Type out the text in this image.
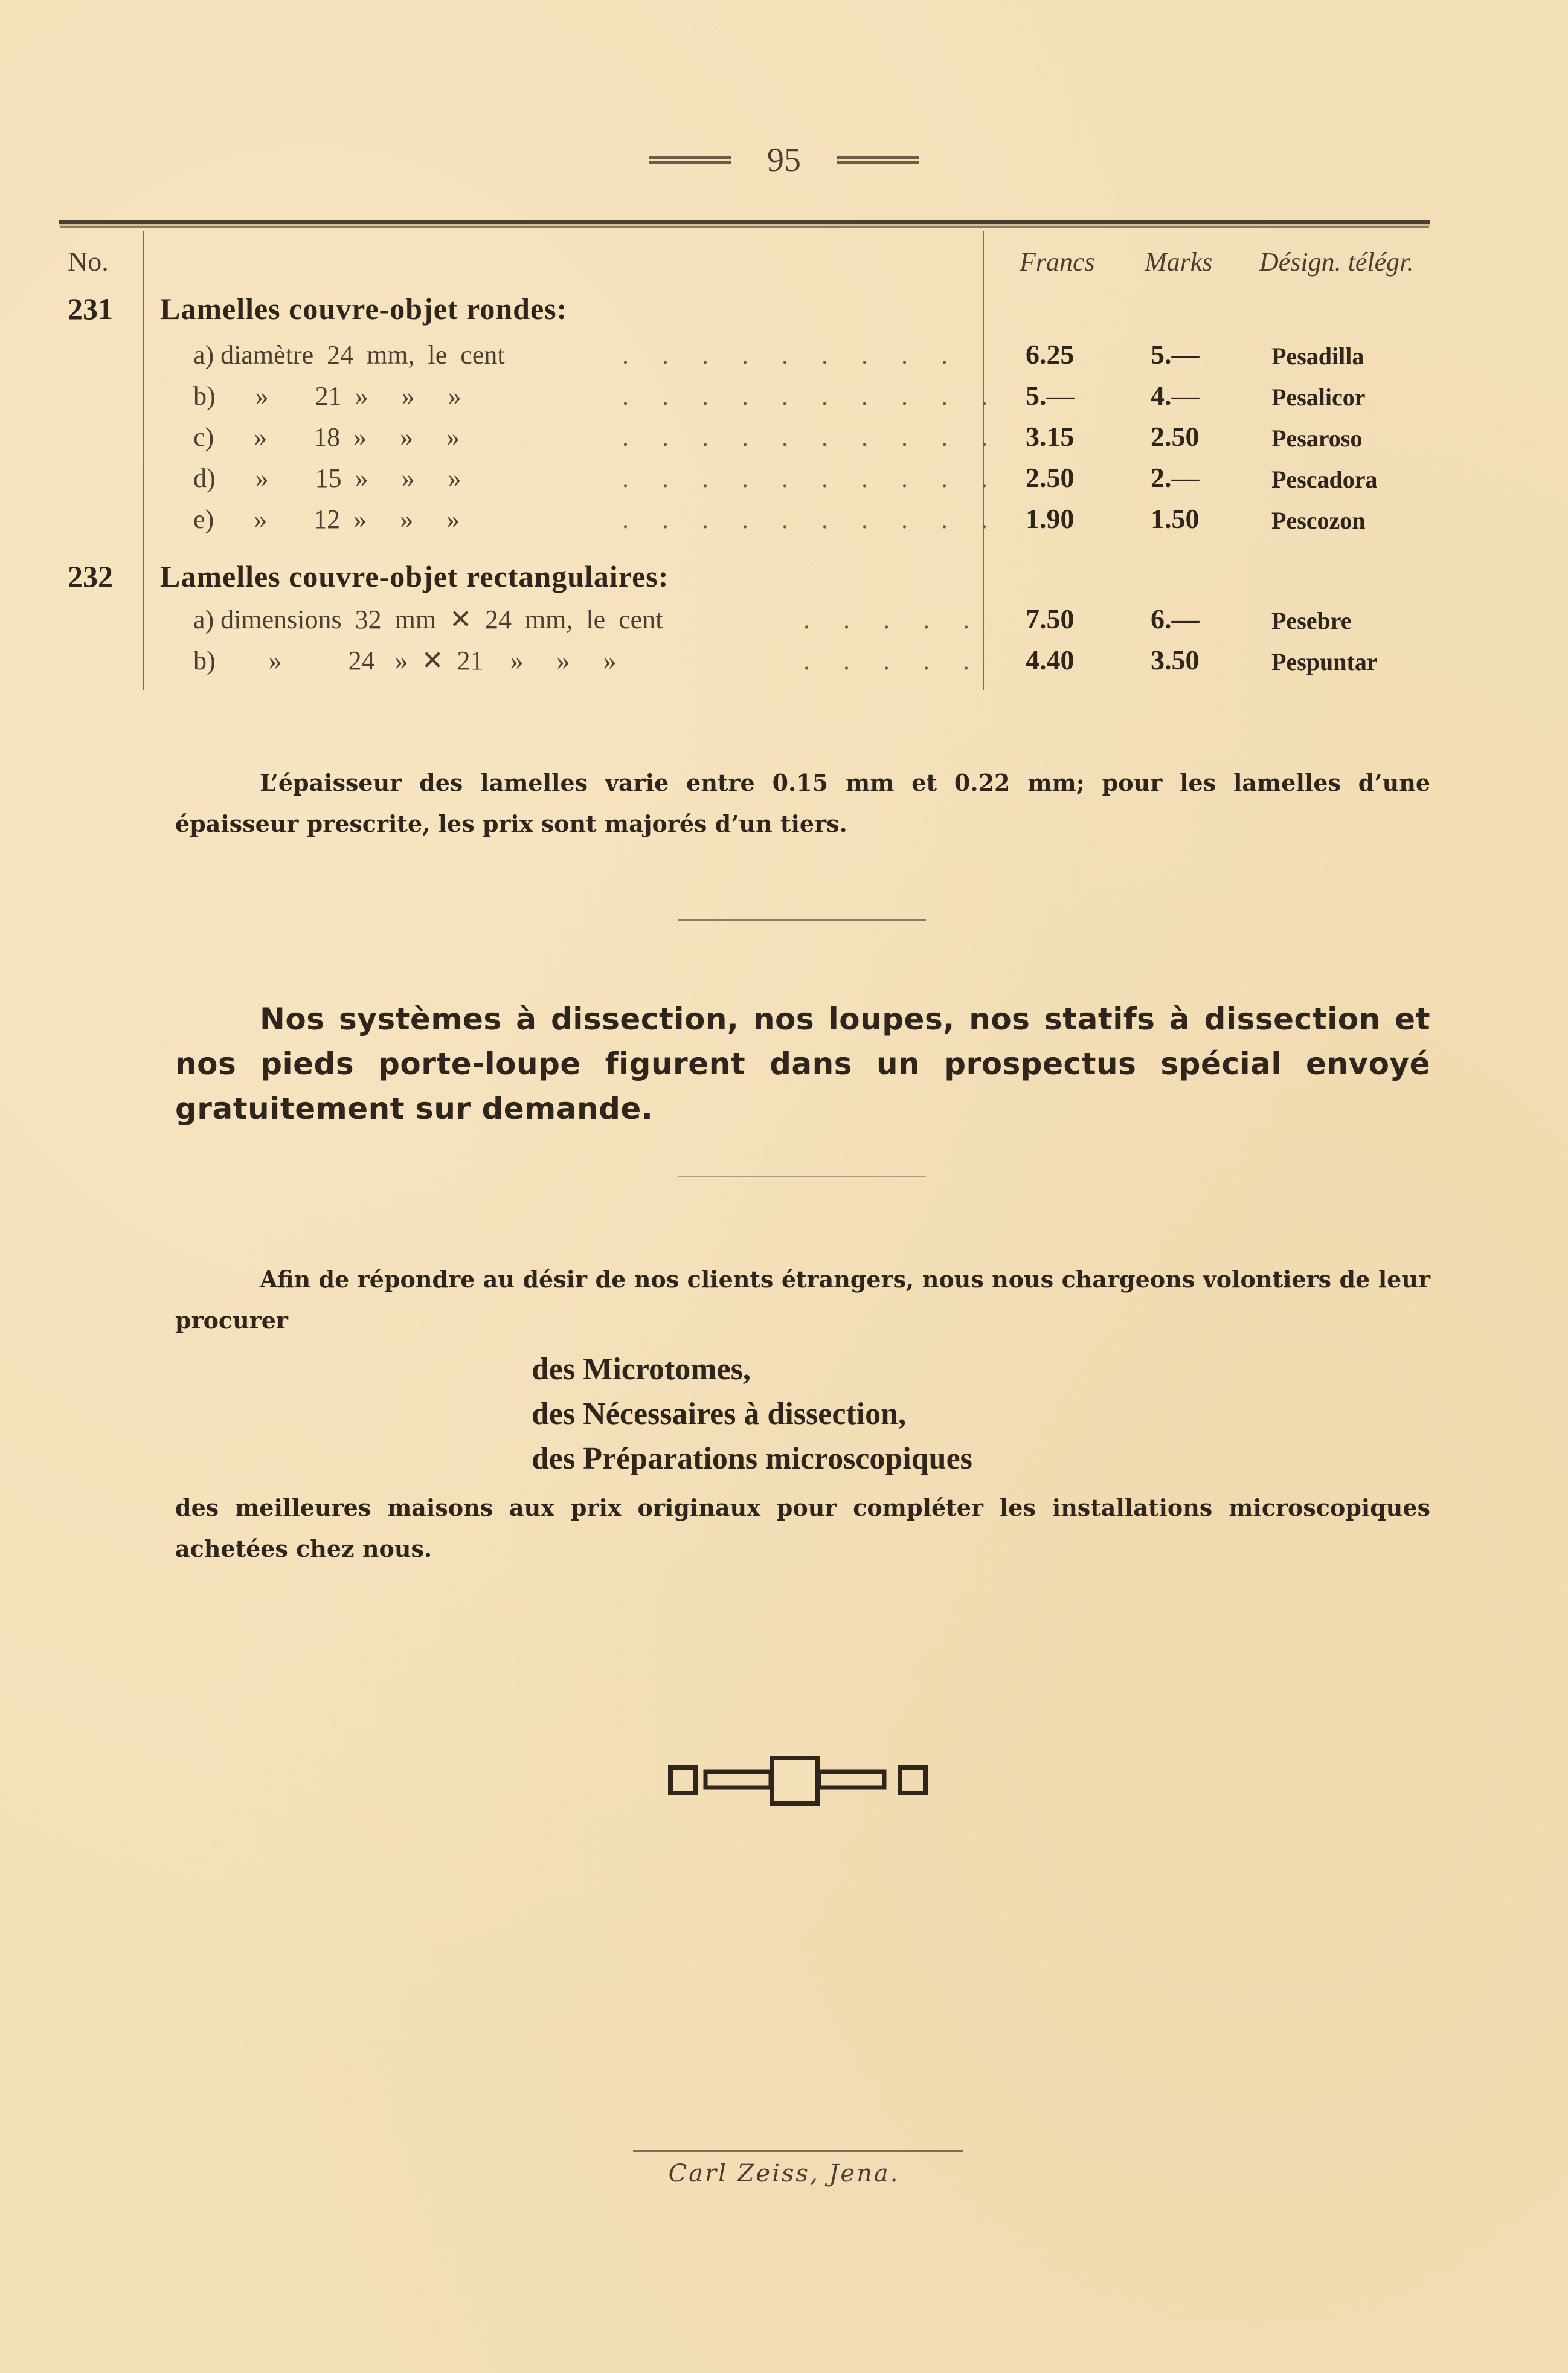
95
No.	Francs Marks Désign. télégr.
231 Lamelles couvre-objet rondes:
a) diamètre  24  mm,  le  cent	. . . . . . . . . 6.25	5.—	Pesadilla
b)      »       21  »     »     »	. . . . . . . . . . 5.—	4.—	Pesalicor
c)      »       18  »     »     »	. . . . . . . . . . 3.15	2.50	Pesaroso
d)      »       15  »     »     »	. . . . . . . . . . 2.50	2.—	Pescadora
e)      »       12  »     »     »	. . . . . . . . . . 1.90	1.50	Pescozon
232 Lamelles couvre-objet rectangulaires:
a) dimensions  32  mm  ✕  24  mm,  le  cent	. . . . . 7.50	6.—	Pesebre
b)        »          24   »  ✕  21    »     »     »	. . . . . 4.40	3.50	Pespuntar

L’épaisseur des lamelles varie entre 0.15 mm et 0.22 mm; pour les lamelles d’une épaisseur prescrite, les prix sont majorés d’un tiers.

Nos systèmes à dissection, nos loupes, nos statifs à dissection et nos pieds porte-loupe figurent dans un prospectus spécial envoyé gratuitement sur demande.

Afin de répondre au désir de nos clients étrangers, nous nous chargeons volontiers de leur procurer

des Microtomes,
des Nécessaires à dissection,
des Préparations microscopiques

des meilleures maisons aux prix originaux pour compléter les installations microscopiques achetées chez nous.

Carl Zeiss, Jena.
